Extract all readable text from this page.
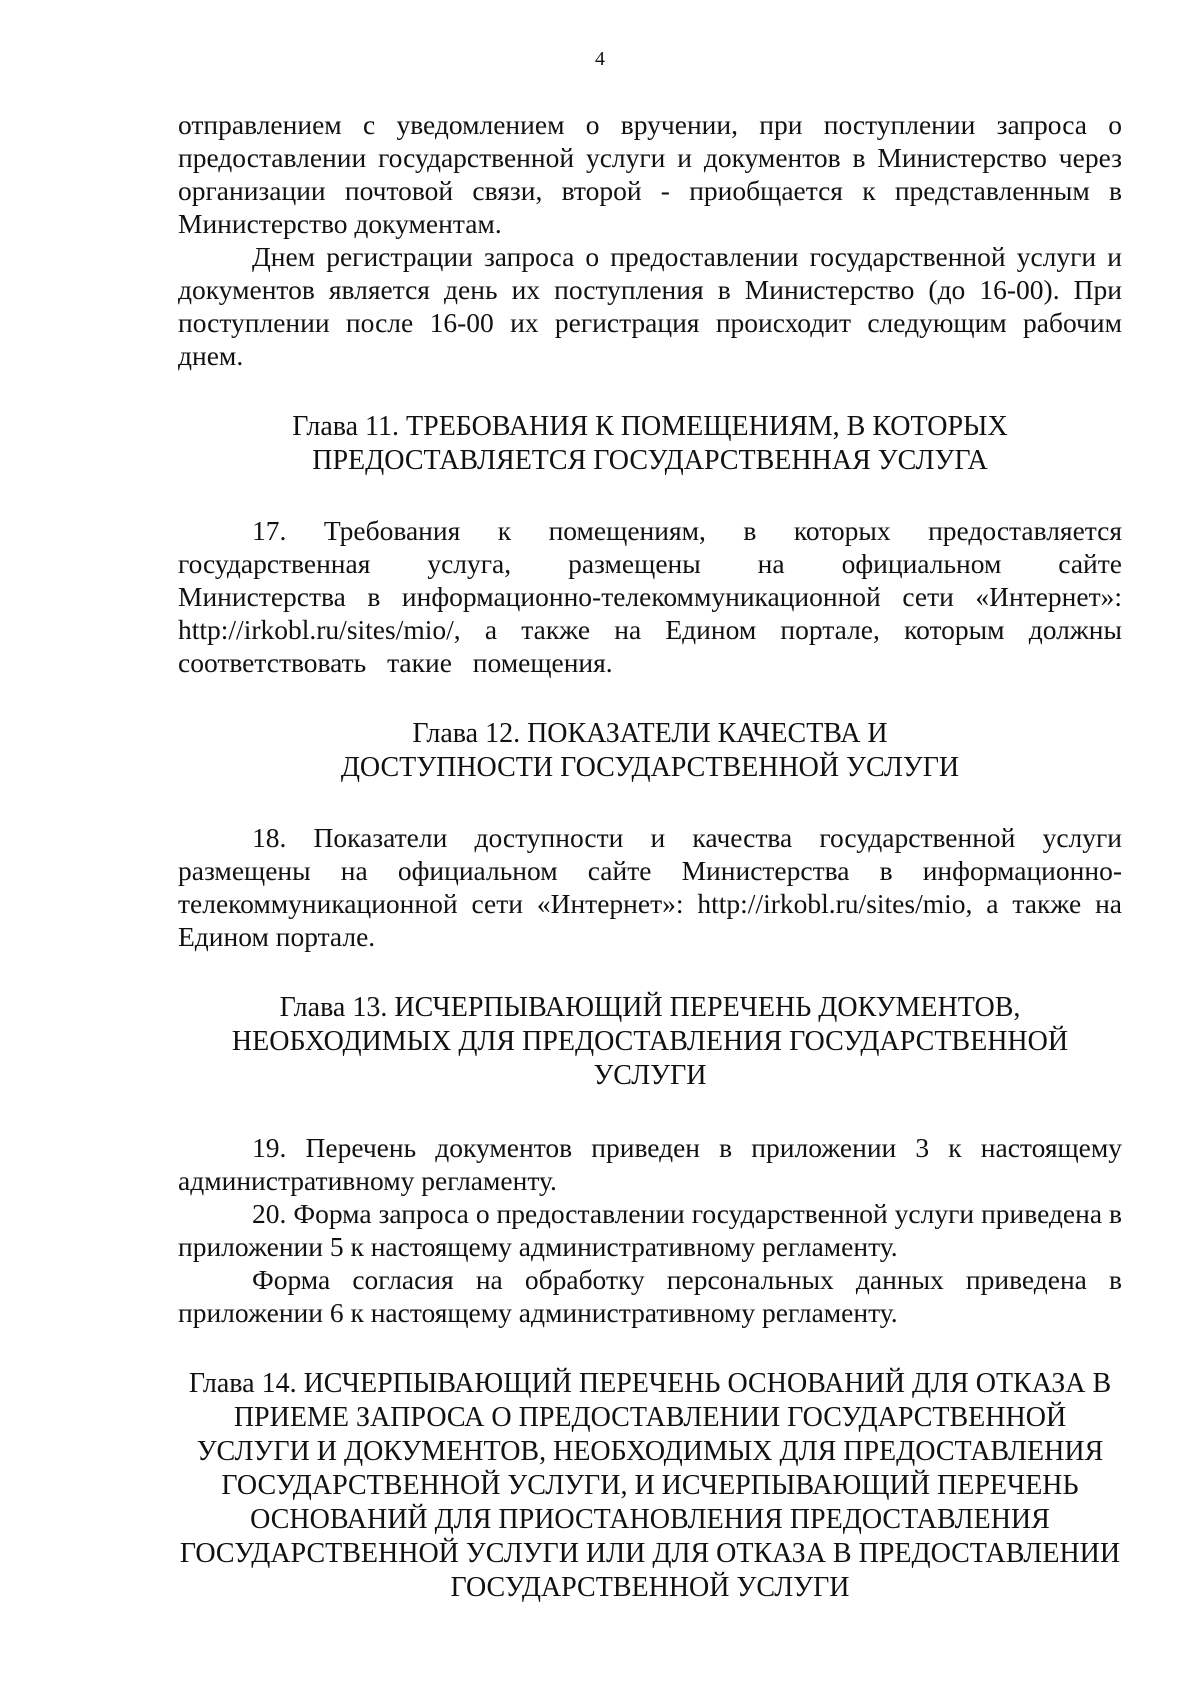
4

отправлением с уведомлением о вручении, при поступлении запроса о предоставлении государственной услуги и документов в Министерство через организации почтовой связи, второй - приобщается к представленным в Министерство документам.

Днем регистрации запроса о предоставлении государственной услуги и документов является день их поступления в Министерство (до 16-00). При поступлении после 16-00 их регистрация происходит следующим рабочим днем.

Глава 11. ТРЕБОВАНИЯ К ПОМЕЩЕНИЯМ, В КОТОРЫХ ПРЕДОСТАВЛЯЕТСЯ ГОСУДАРСТВЕННАЯ УСЛУГА

17. Требования к помещениям, в которых предоставляется государственная услуга, размещены на официальном сайте Министерства в информационно-телекоммуникационной сети «Интернет»: http://irkobl.ru/sites/mio/, а также на Едином портале, которым должны соответствовать такие помещения.

Глава 12. ПОКАЗАТЕЛИ КАЧЕСТВА И ДОСТУПНОСТИ ГОСУДАРСТВЕННОЙ УСЛУГИ

18. Показатели доступности и качества государственной услуги размещены на официальном сайте Министерства в информационно-телекоммуникационной сети «Интернет»: http://irkobl.ru/sites/mio, а также на Едином портале.

Глава 13. ИСЧЕРПЫВАЮЩИЙ ПЕРЕЧЕНЬ ДОКУМЕНТОВ, НЕОБХОДИМЫХ ДЛЯ ПРЕДОСТАВЛЕНИЯ ГОСУДАРСТВЕННОЙ УСЛУГИ

19. Перечень документов приведен в приложении 3 к настоящему административному регламенту.

20. Форма запроса о предоставлении государственной услуги приведена в приложении 5 к настоящему административному регламенту.

Форма согласия на обработку персональных данных приведена в приложении 6 к настоящему административному регламенту.

Глава 14. ИСЧЕРПЫВАЮЩИЙ ПЕРЕЧЕНЬ ОСНОВАНИЙ ДЛЯ ОТКАЗА В ПРИЕМЕ ЗАПРОСА О ПРЕДОСТАВЛЕНИИ ГОСУДАРСТВЕННОЙ УСЛУГИ И ДОКУМЕНТОВ, НЕОБХОДИМЫХ ДЛЯ ПРЕДОСТАВЛЕНИЯ ГОСУДАРСТВЕННОЙ УСЛУГИ, И ИСЧЕРПЫВАЮЩИЙ ПЕРЕЧЕНЬ ОСНОВАНИЙ ДЛЯ ПРИОСТАНОВЛЕНИЯ ПРЕДОСТАВЛЕНИЯ ГОСУДАРСТВЕННОЙ УСЛУГИ ИЛИ ДЛЯ ОТКАЗА В ПРЕДОСТАВЛЕНИИ ГОСУДАРСТВЕННОЙ УСЛУГИ
